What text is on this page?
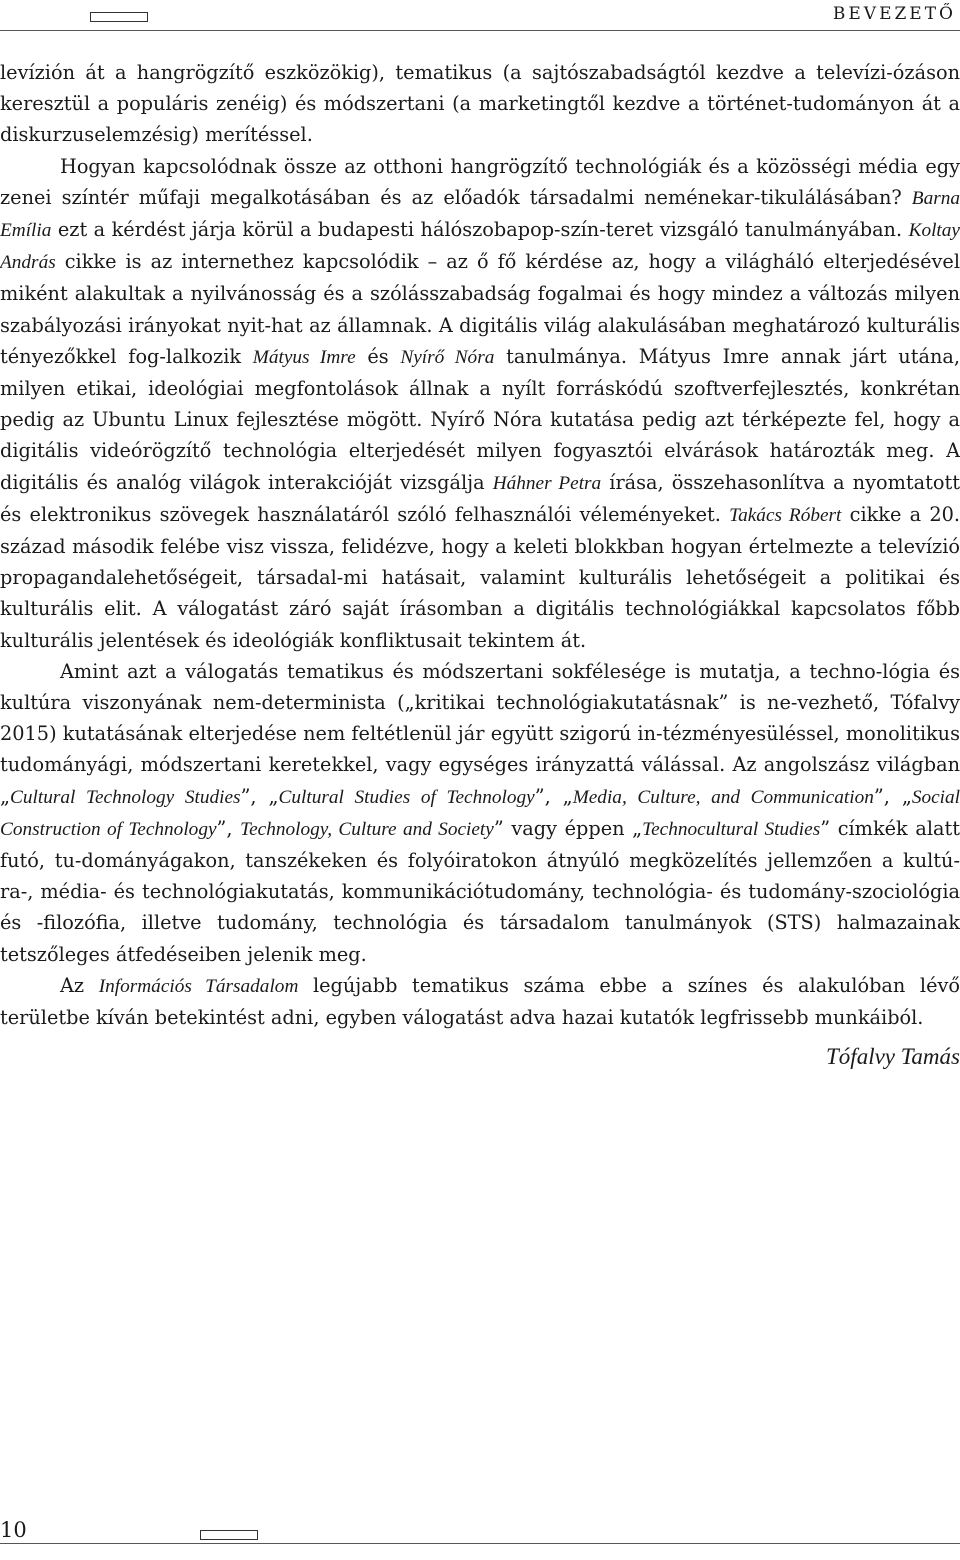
BEVEZETŐ

levízión át a hangrögzítő eszközökig), tematikus (a sajtószabadságtól kezdve a televízi-ózáson keresztül a populáris zenéig) és módszertani (a marketingtől kezdve a történet-tudományon át a diskurzuselemzésig) merítéssel.

Hogyan kapcsolódnak össze az otthoni hangrögzítő technológiák és a közösségi média egy zenei színtér műfaji megalkotásában és az előadók társadalmi neménekar-tikulálásában? Barna Emília ezt a kérdést járja körül a budapesti hálószobapop-szín-teret vizsgáló tanulmányában. Koltay András cikke is az internethez kapcsolódik – az ő fő kérdése az, hogy a világháló elterjedésével miként alakultak a nyilvánosság és a szólásszabadság fogalmai és hogy mindez a változás milyen szabályozási irányokat nyit-hat az államnak. A digitális világ alakulásában meghatározó kulturális tényezőkkel fog-lalkozik Mátyus Imre és Nyírő Nóra tanulmánya. Mátyus Imre annak járt utána, milyen etikai, ideológiai megfontolások állnak a nyílt forráskódú szoftverfejlesztés, konkrétan pedig az Ubuntu Linux fejlesztése mögött. Nyírő Nóra kutatása pedig azt térképezte fel, hogy a digitális videórögzítő technológia elterjedését milyen fogyasztói elvárások határozták meg. A digitális és analóg világok interakcióját vizsgálja Háhner Petra írása, összehasonlítva a nyomtatott és elektronikus szövegek használatáról szóló felhasználói véleményeket. Takács Róbert cikke a 20. század második felébe visz vissza, felidézve, hogy a keleti blokkban hogyan értelmezte a televízió propagandalehetőségeit, társadal-mi hatásait, valamint kulturális lehetőségeit a politikai és kulturális elit. A válogatást záró saját írásomban a digitális technológiákkal kapcsolatos főbb kulturális jelentések és ideológiák konfliktusait tekintem át.

Amint azt a válogatás tematikus és módszertani sokfélesége is mutatja, a techno-lógia és kultúra viszonyának nem-determinista („kritikai technológiakutatásnak” is ne-vezhető, Tófalvy 2015) kutatásának elterjedése nem feltétlenül jár együtt szigorú in-tézményesüléssel, monolitikus tudományági, módszertani keretekkel, vagy egységes irányzattá válással. Az angolszász világban „Cultural Technology Studies”, „Cultural Studies of Technology”, „Media, Culture, and Communication”, „Social Construction of Technology”, Technology, Culture and Society” vagy éppen „Technocultural Studies” címkék alatt futó, tu-dományágakon, tanszékeken és folyóiratokon átnyúló megközelítés jellemzően a kultú-ra-, média- és technológiakutatás, kommunikációtudomány, technológia- és tudomány-szociológia és -filozófia, illetve tudomány, technológia és társadalom tanulmányok (STS) halmazainak tetszőleges átfedéseiben jelenik meg.

Az Információs Társadalom legújabb tematikus száma ebbe a színes és alakulóban lévő területbe kíván betekintést adni, egyben válogatást adva hazai kutatók legfrissebb munkáiból.

Tófalvy Tamás
10
